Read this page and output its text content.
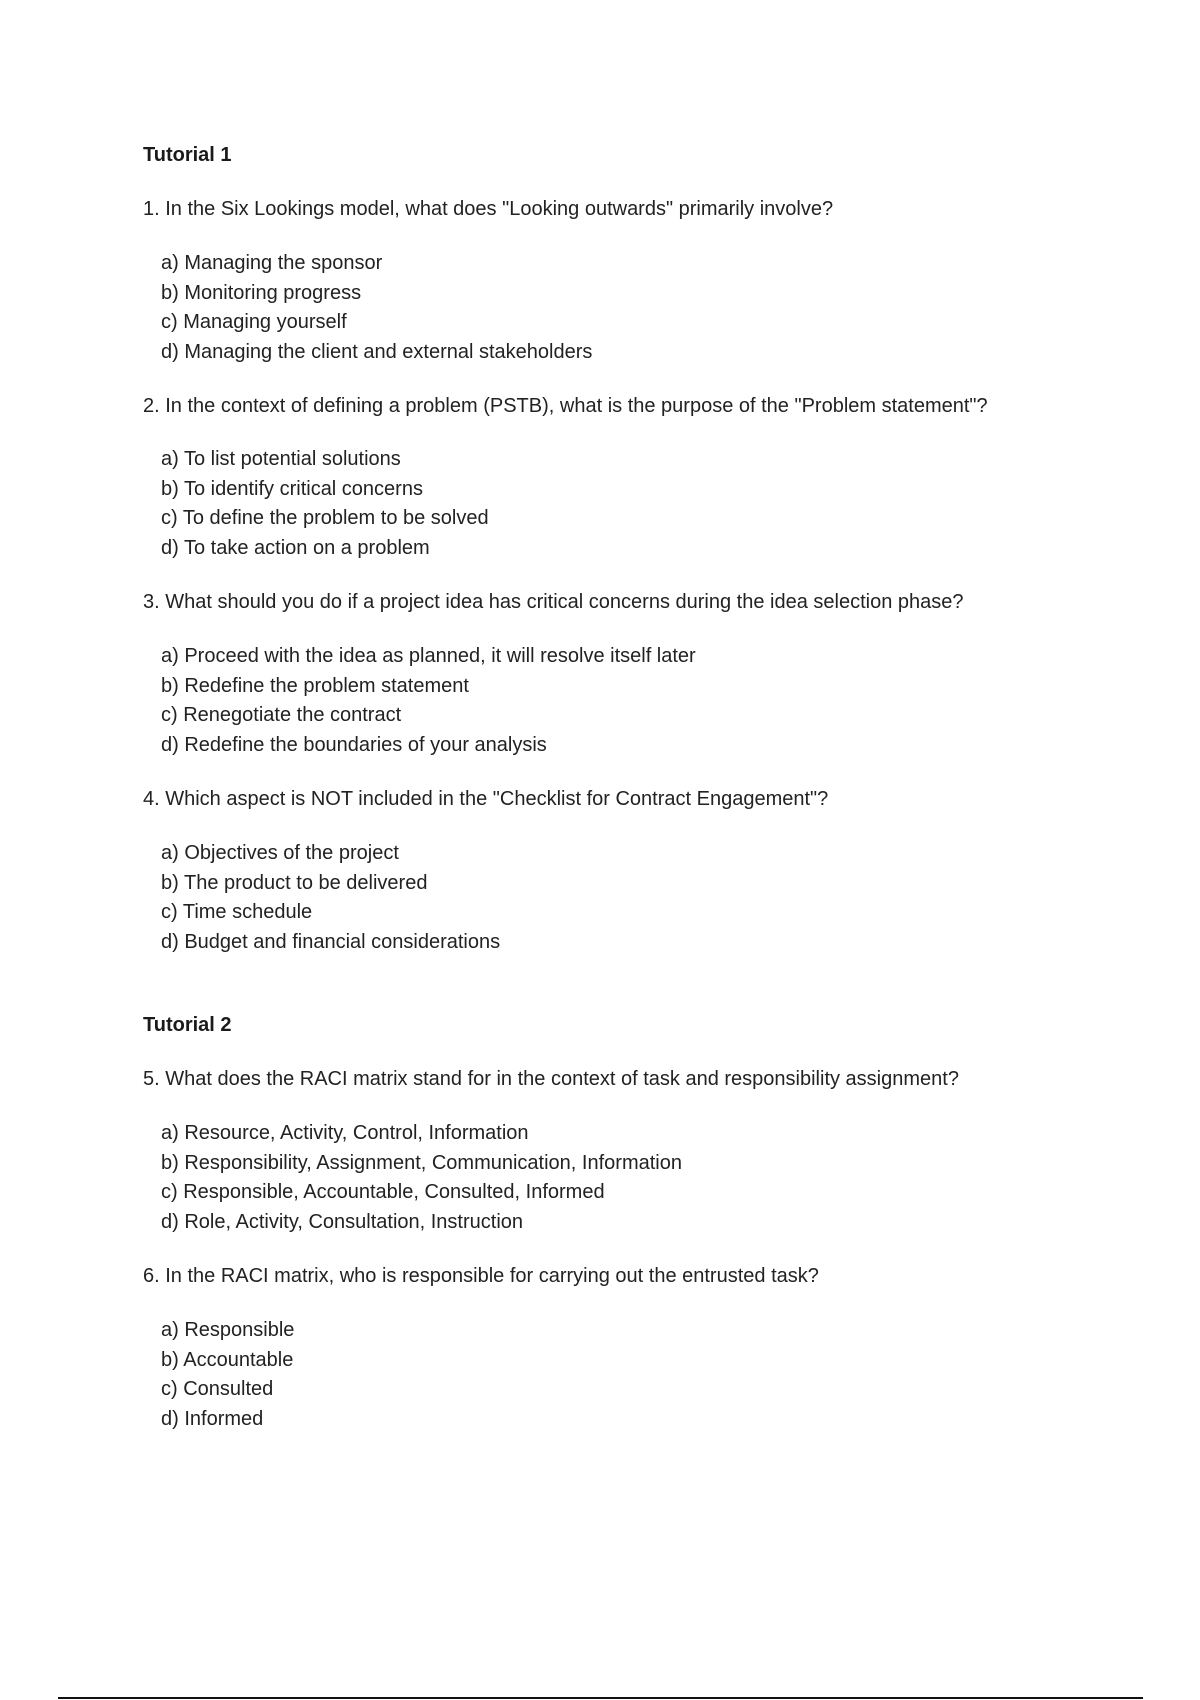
Tutorial 1

1. In the Six Lookings model, what does "Looking outwards" primarily involve?

a) Managing the sponsor
b) Monitoring progress
c) Managing yourself
d) Managing the client and external stakeholders

2. In the context of defining a problem (PSTB), what is the purpose of the "Problem statement"?

a) To list potential solutions
b) To identify critical concerns
c) To define the problem to be solved
d) To take action on a problem

3. What should you do if a project idea has critical concerns during the idea selection phase?

a) Proceed with the idea as planned, it will resolve itself later
b) Redefine the problem statement
c) Renegotiate the contract
d) Redefine the boundaries of your analysis

4. Which aspect is NOT included in the "Checklist for Contract Engagement"?

a) Objectives of the project
b) The product to be delivered
c) Time schedule
d) Budget and financial considerations
Tutorial 2

5. What does the RACI matrix stand for in the context of task and responsibility assignment?

a) Resource, Activity, Control, Information
b) Responsibility, Assignment, Communication, Information
c) Responsible, Accountable, Consulted, Informed
d) Role, Activity, Consultation, Instruction

6. In the RACI matrix, who is responsible for carrying out the entrusted task?

a) Responsible
b) Accountable
c) Consulted
d) Informed
